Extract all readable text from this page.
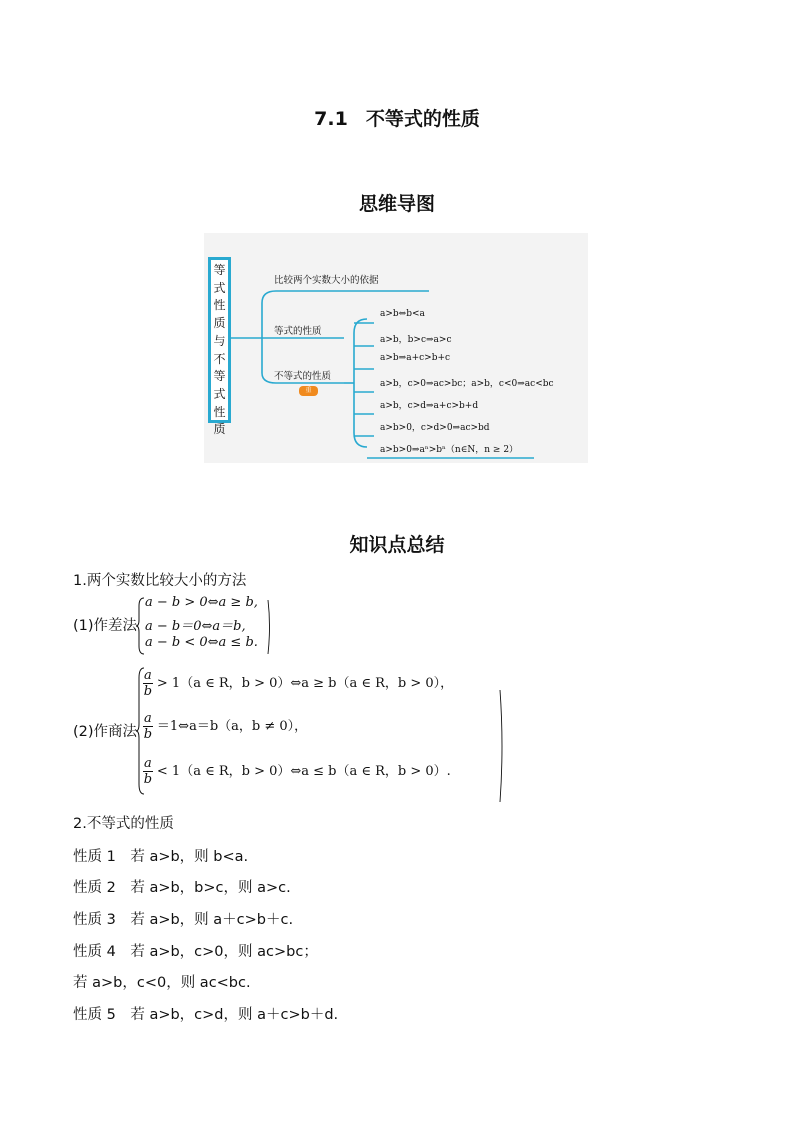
7.1 不等式的性质
思维导图
等式性质与不等式性质
比较两个实数大小的依据
等式的性质
不等式的性质
重
a>b⇔b<a
a>b，b>c⇒a>c
a>b⇒a+c>b+c
a>b，c>0⇒ac>bc；a>b，c<0⇒ac<bc
a>b，c>d⇒a+c>b+d
a>b>0，c>d>0⇒ac>bd
a>b>0⇒aⁿ>bⁿ（n∈N，n ≥ 2）
知识点总结
1.两个实数比较大小的方法
(1)作差法
a − b > 0⇔a ≥ b,
a − b＝0⇔a＝b,
a − b < 0⇔a ≤ b.
(2)作商法
$\frac{a}{b} > 1(a$ ∈ R，b > 0）⇔a ≥ b（a ∈ R，b > 0），
$\frac{a}{b}$ ＝1⇔a＝b（a，b ≠ 0），
$\frac{a}{b} < 1(a$ ∈ R，b > 0）⇔a ≤ b（a ∈ R，b > 0）.
2.不等式的性质
性质 1　若 a>b，则 b<a.
性质 2　若 a>b，b>c，则 a>c.
性质 3　若 a>b，则 a＋c>b＋c.
性质 4　若 a>b，c>0，则 ac>bc；
若 a>b，c<0，则 ac<bc.
性质 5　若 a>b，c>d，则 a＋c>b＋d.
